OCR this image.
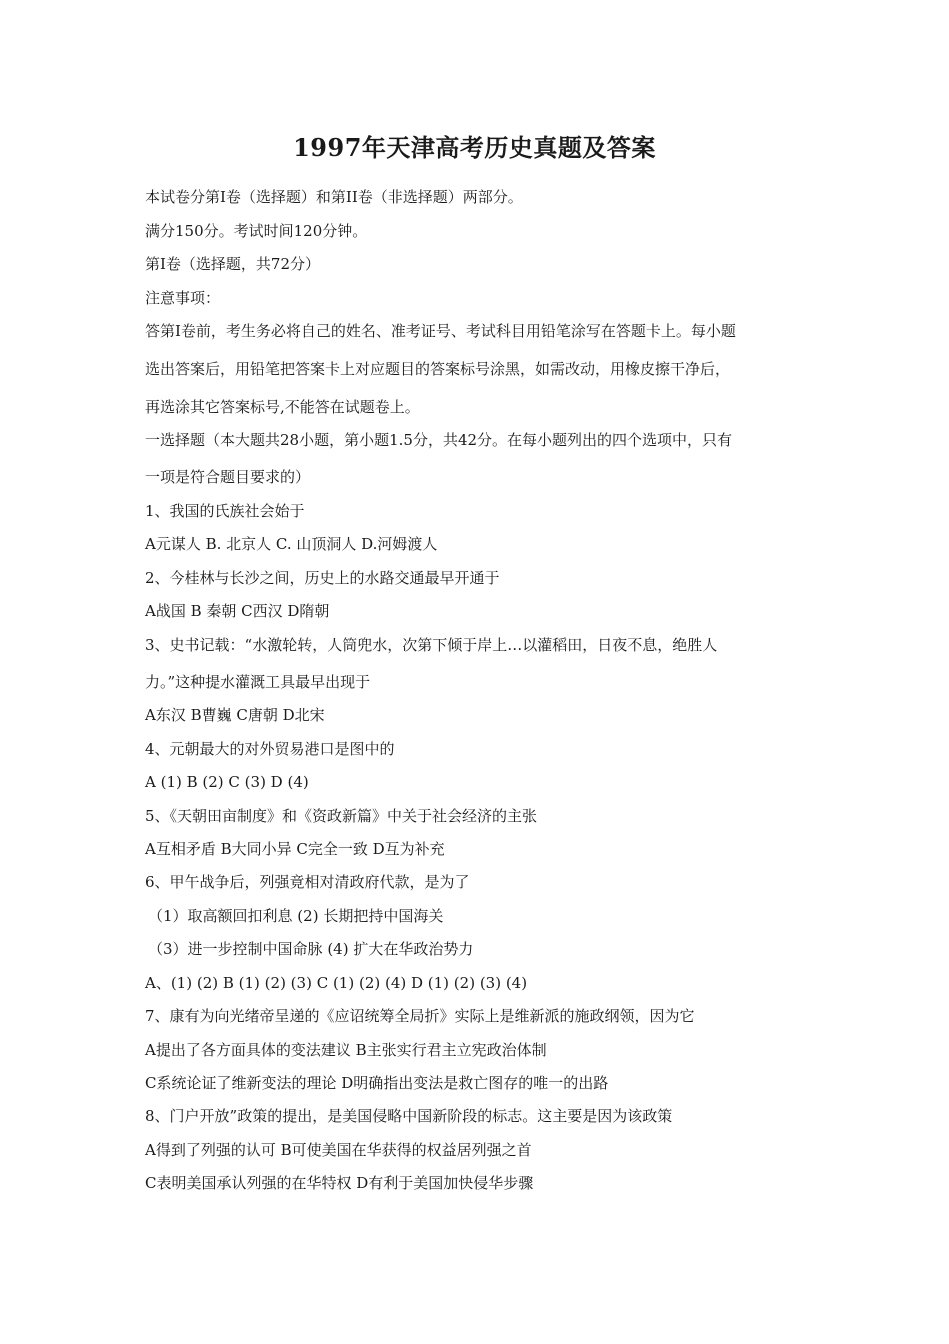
1997年天津高考历史真题及答案
本试卷分第I卷（选择题）和第II卷（非选择题）两部分。
满分150分。考试时间120分钟。
第I卷（选择题，共72分）
注意事项：
答第I卷前，考生务必将自己的姓名、准考证号、考试科目用铅笔涂写在答题卡上。每小题
选出答案后，用铅笔把答案卡上对应题目的答案标号涂黑，如需改动，用橡皮擦干净后，
再选涂其它答案标号,不能答在试题卷上。
一选择题（本大题共28小题，第小题1.5分，共42分。在每小题列出的四个选项中，只有
一项是符合题目要求的）
1、我国的氏族社会始于
A元谋人 B. 北京人 C. 山顶洞人 D.河姆渡人
2、今桂林与长沙之间，历史上的水路交通最早开通于
A战国 B 秦朝 C西汉 D隋朝
3、史书记载：“水激轮转，人筒兜水，次第下倾于岸上…以灌稻田，日夜不息，绝胜人
力。”这种提水灌溉工具最早出现于
A东汉 B曹巍 C唐朝 D北宋
4、元朝最大的对外贸易港口是图中的
A (1) B (2) C (3) D (4)
5、《天朝田亩制度》和《资政新篇》中关于社会经济的主张
A互相矛盾 B大同小异 C完全一致 D互为补充
6、甲午战争后，列强竟相对清政府代款，是为了
（1）取高额回扣利息 (2) 长期把持中国海关
（3）进一步控制中国命脉 (4) 扩大在华政治势力
A、(1) (2) B (1) (2) (3) C (1) (2) (4) D (1) (2) (3) (4)
7、康有为向光绪帝呈递的《应诏统筹全局折》实际上是维新派的施政纲领，因为它
A提出了各方面具体的变法建议 B主张实行君主立宪政治体制
C系统论证了维新变法的理论 D明确指出变法是救亡图存的唯一的出路
8、门户开放”政策的提出，是美国侵略中国新阶段的标志。这主要是因为该政策
A得到了列强的认可 B可使美国在华获得的权益居列强之首
C表明美国承认列强的在华特权 D有利于美国加快侵华步骤
